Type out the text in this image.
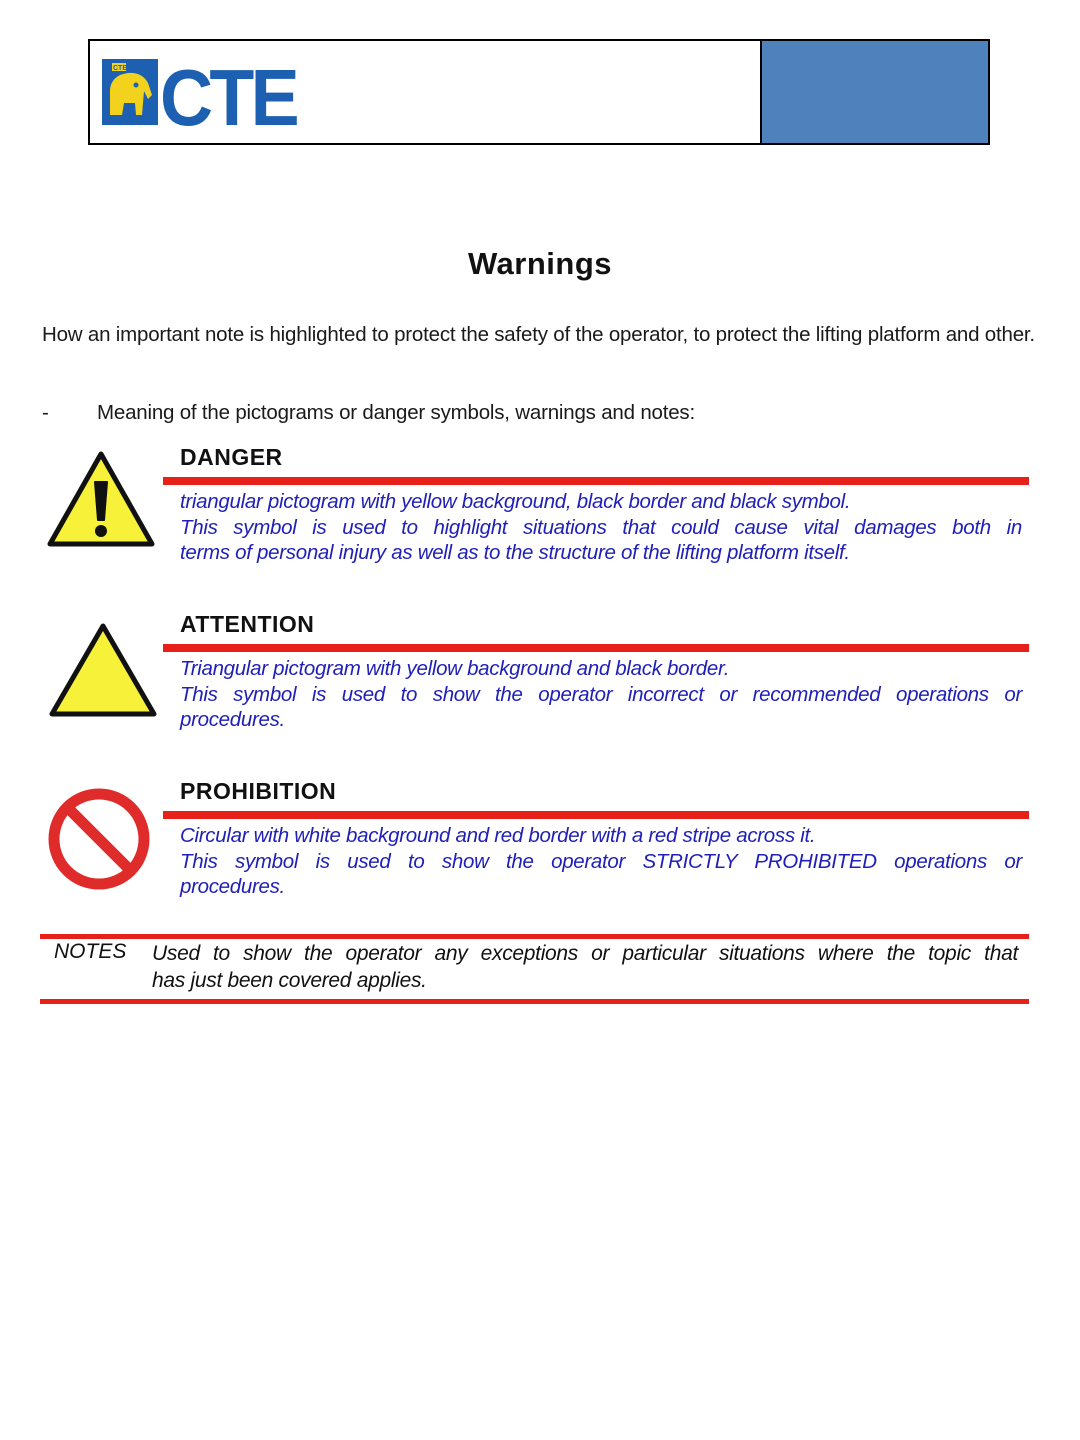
CTE CTE
Warnings
How an important note is highlighted to protect the safety of the operator, to protect the lifting platform and other.
- Meaning of the pictograms or danger symbols, warnings and notes:
DANGER
triangular pictogram with yellow background, black border and black symbol.
This symbol is used to highlight situations that could cause vital damages both in
terms of personal injury as well as to the structure of the lifting platform itself.
ATTENTION
Triangular pictogram with yellow background and black border.
This symbol is used to show the operator incorrect or recommended operations or
procedures.
PROHIBITION
Circular with white background and red border with a red stripe across it.
This symbol is used to show the operator STRICTLY PROHIBITED operations or
procedures.
NOTES Used to show the operator any exceptions or particular situations where the topic that
has just been covered applies.
